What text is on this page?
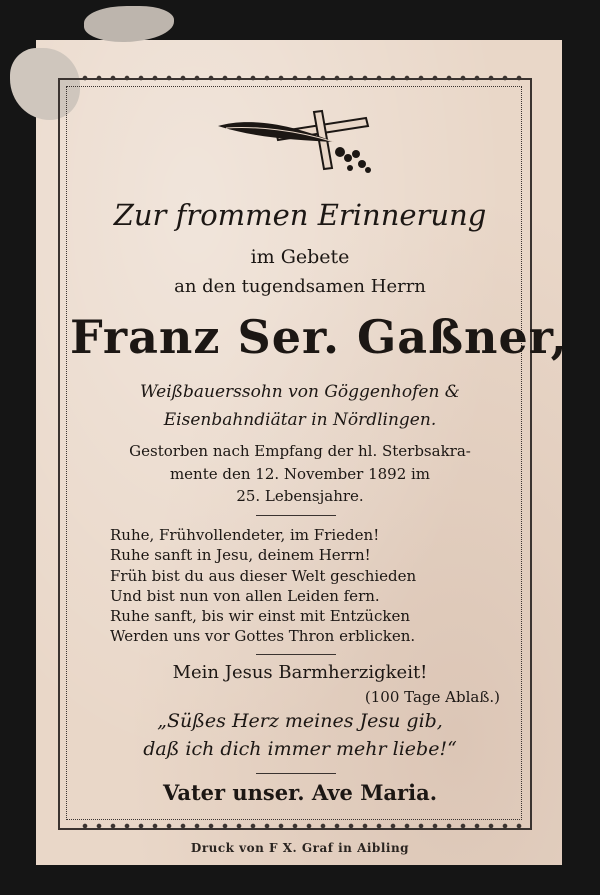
Zur frommen Erinnerung

im Gebete

an den tugendsamen Herrn

Franz Ser. Gaßner,

Weißbauerssohn von Göggenhofen &

Eisenbahndiätar in Nördlingen.

Gestorben nach Empfang der hl. Sterbsakra-

mente den 12. November 1892 im

25. Lebensjahre.

Ruhe, Frühvollendeter, im Frieden!
Ruhe sanft in Jesu, deinem Herrn!
Früh bist du aus dieser Welt geschieden
Und bist nun von allen Leiden fern.
Ruhe sanft, bis wir einst mit Entzücken
Werden uns vor Gottes Thron erblicken.

Mein Jesus Barmherzigkeit!

(100 Tage Ablaß.)

„Süßes Herz meines Jesu gib,

daß ich dich immer mehr liebe!“

Vater unser. Ave Maria.

Druck von F X. Graf in Aibling
